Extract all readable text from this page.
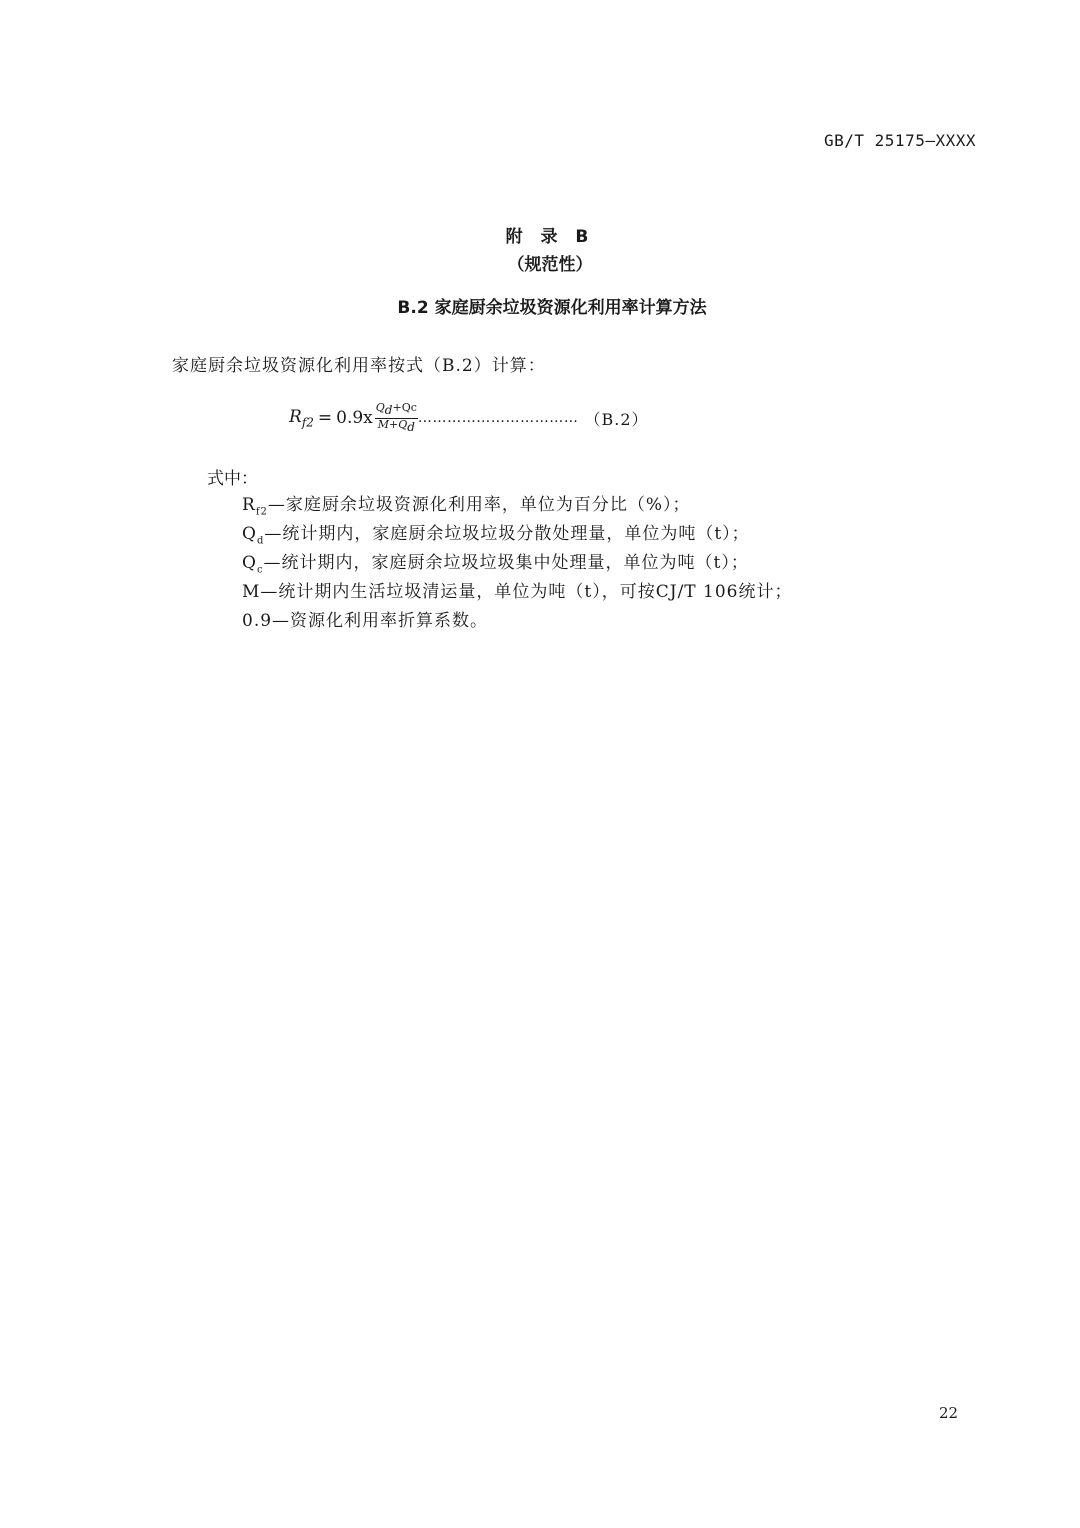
GB/T 25175—XXXX
附 录 B
（规范性）
B.2 家庭厨余垃圾资源化利用率计算方法
家庭厨余垃圾资源化利用率按式（B.2）计算：
$R_{f2} = 0.9x \frac{Q_d+Qc}{M+Q_d}$ …………………………… （B.2）
式中：
$R_{f2}—$家庭厨余垃圾资源化利用率，单位为百分比（%）；
$Q_d—$统计期内，家庭厨余垃圾垃圾分散处理量，单位为吨（t）；
$Q_c—$统计期内，家庭厨余垃圾垃圾集中处理量，单位为吨（t）；
M—统计期内生活垃圾清运量，单位为吨（t），可按CJ/T 106统计；
0.9—资源化利用率折算系数。
22
